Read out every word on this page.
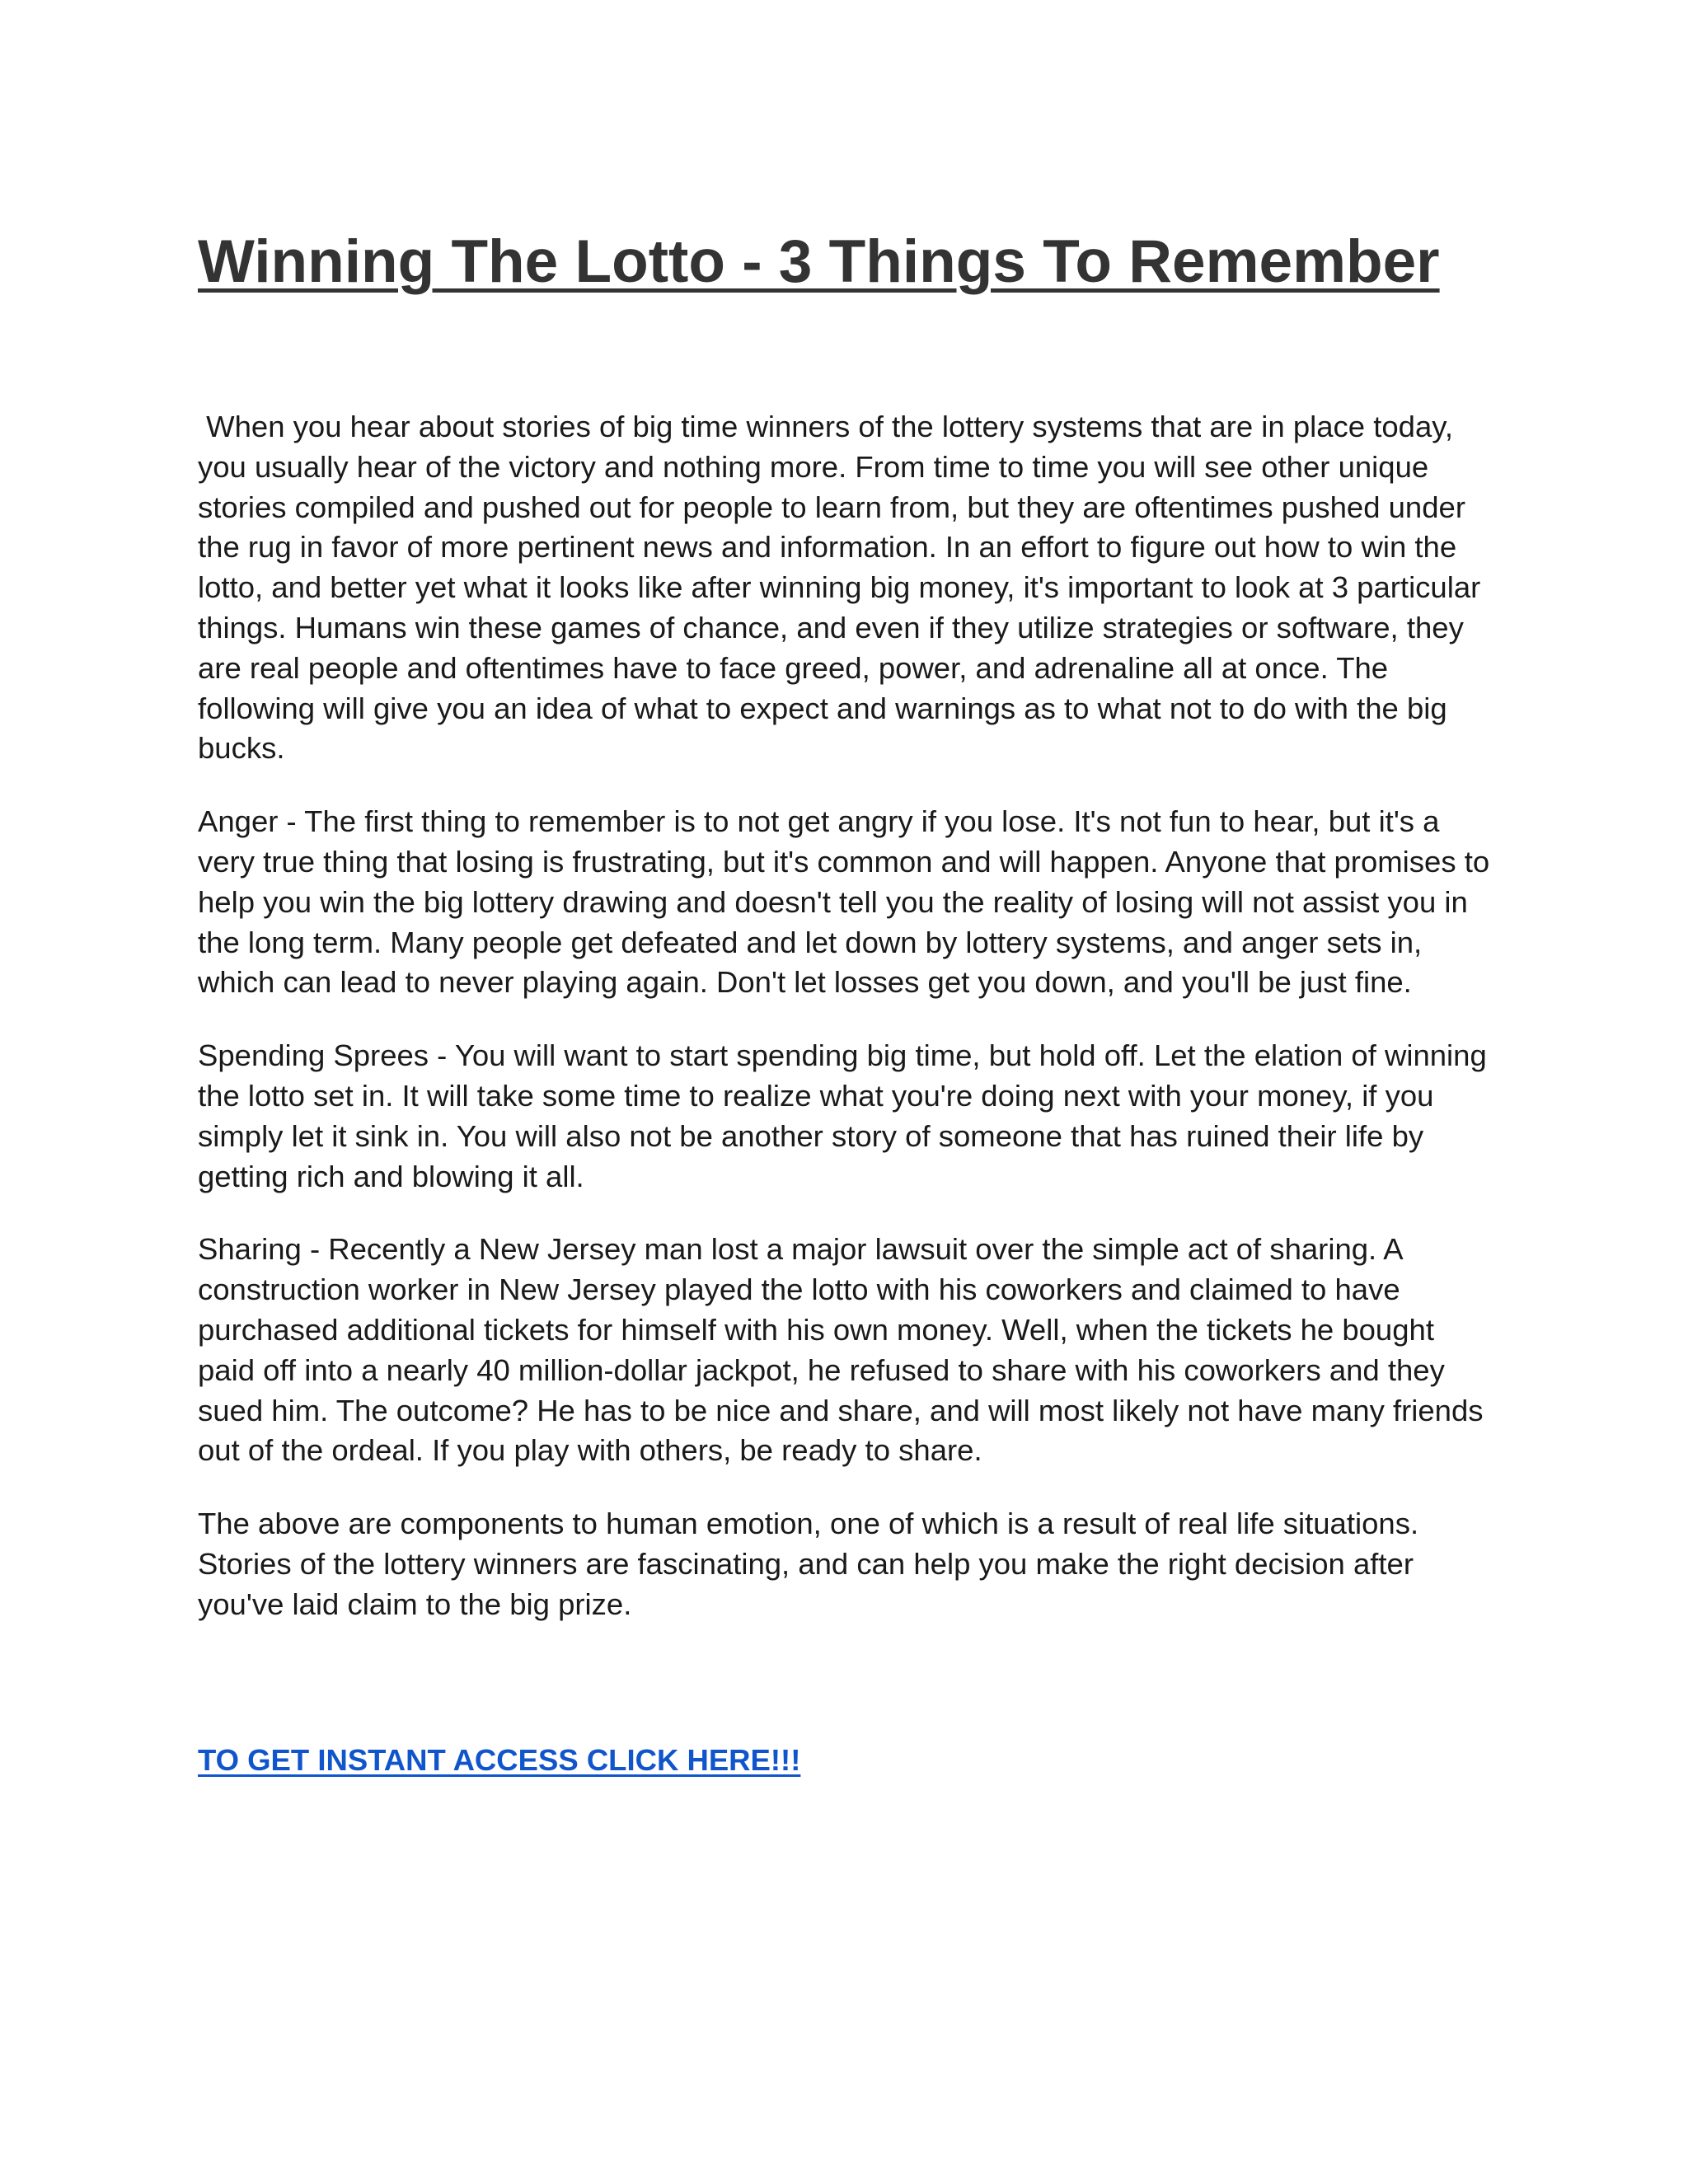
Winning The Lotto - 3 Things To Remember

When you hear about stories of big time winners of the lottery systems that are in place today, you usually hear of the victory and nothing more. From time to time you will see other unique stories compiled and pushed out for people to learn from, but they are oftentimes pushed under the rug in favor of more pertinent news and information. In an effort to figure out how to win the lotto, and better yet what it looks like after winning big money, it's important to look at 3 particular things. Humans win these games of chance, and even if they utilize strategies or software, they are real people and oftentimes have to face greed, power, and adrenaline all at once. The following will give you an idea of what to expect and warnings as to what not to do with the big bucks.

Anger - The first thing to remember is to not get angry if you lose. It's not fun to hear, but it's a very true thing that losing is frustrating, but it's common and will happen. Anyone that promises to help you win the big lottery drawing and doesn't tell you the reality of losing will not assist you in the long term. Many people get defeated and let down by lottery systems, and anger sets in, which can lead to never playing again. Don't let losses get you down, and you'll be just fine.

Spending Sprees - You will want to start spending big time, but hold off. Let the elation of winning the lotto set in. It will take some time to realize what you're doing next with your money, if you simply let it sink in. You will also not be another story of someone that has ruined their life by getting rich and blowing it all.

Sharing - Recently a New Jersey man lost a major lawsuit over the simple act of sharing. A construction worker in New Jersey played the lotto with his coworkers and claimed to have purchased additional tickets for himself with his own money. Well, when the tickets he bought paid off into a nearly 40 million-dollar jackpot, he refused to share with his coworkers and they sued him. The outcome? He has to be nice and share, and will most likely not have many friends out of the ordeal. If you play with others, be ready to share.

The above are components to human emotion, one of which is a result of real life situations. Stories of the lottery winners are fascinating, and can help you make the right decision after you've laid claim to the big prize.

TO GET INSTANT ACCESS CLICK HERE!!!
